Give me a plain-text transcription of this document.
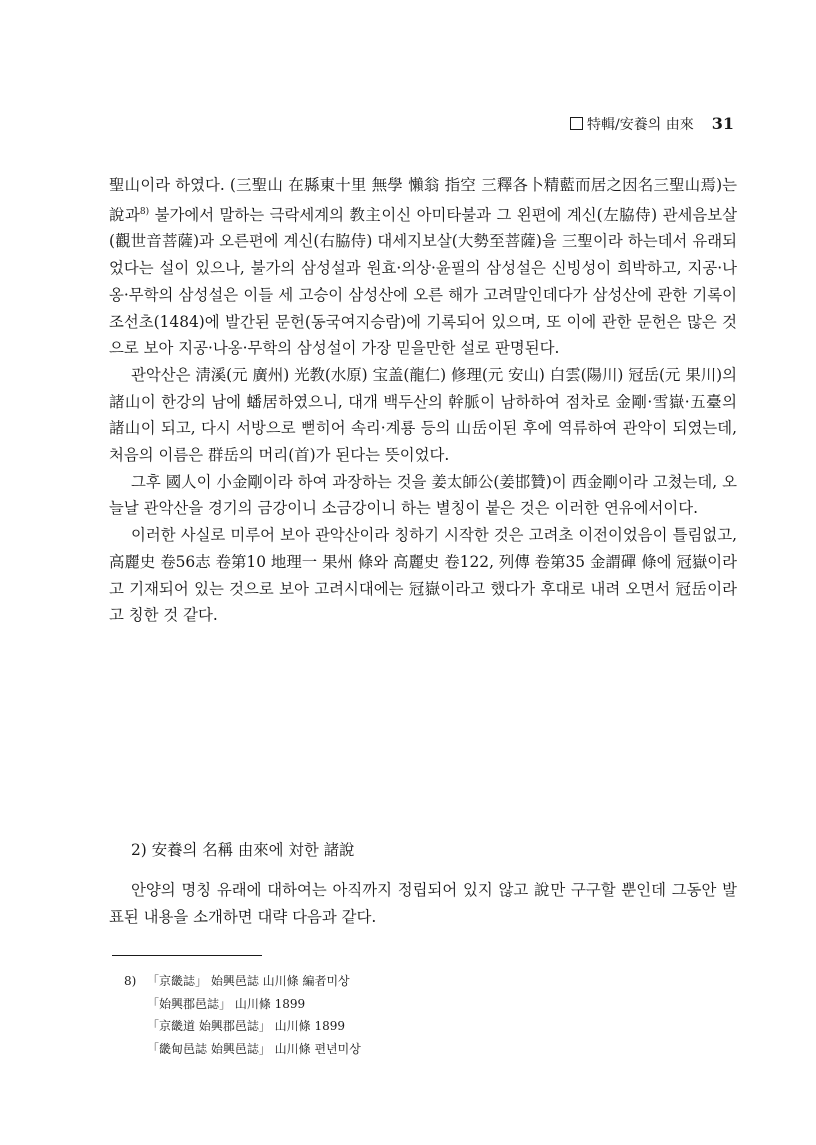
特輯/安養의 由來 31

聖山이라 하였다. (三聖山 在縣東十里 無學 懶翁 指空 三釋各卜精藍而居之因名三聖山焉)는 說과$^{8)}$ 불가에서 말하는 극락세계의 教主이신 아미타불과 그 왼편에 계신(左脇侍) 관세음보살(觀世音菩薩)과 오른편에 계신(右脇侍) 대세지보살(大勢至菩薩)을 三聖이라 하는데서 유래되었다는 설이 있으나, 불가의 삼성설과 원효·의상·윤필의 삼성설은 신빙성이 희박하고, 지공·나옹·무학의 삼성설은 이들 세 고승이 삼성산에 오른 해가 고려말인데다가 삼성산에 관한 기록이 조선초(1484)에 발간된 문헌(동국여지승람)에 기록되어 있으며, 또 이에 관한 문헌은 많은 것으로 보아 지공·나옹·무학의 삼성설이 가장 믿을만한 설로 판명된다.

관악산은 淸溪(元 廣州) 光教(水原) 宝盖(龍仁) 修理(元 安山) 白雲(陽川) 冠岳(元 果川)의 諸山이 한강의 남에 蟠居하였으니, 대개 백두산의 幹脈이 남하하여 점차로 金剛·雪嶽·五臺의 諸山이 되고, 다시 서방으로 뻗히어 속리·계룡 등의 山岳이된 후에 역류하여 관악이 되였는데, 처음의 이름은 群岳의 머리(首)가 된다는 뜻이었다.

그후 國人이 小金剛이라 하여 과장하는 것을 姜太師公(姜邯贊)이 西金剛이라 고쳤는데, 오늘날 관악산을 경기의 금강이니 소금강이니 하는 별칭이 붙은 것은 이러한 연유에서이다.

이러한 사실로 미루어 보아 관악산이라 칭하기 시작한 것은 고려초 이전이었음이 틀림없고, 高麗史 卷56志 卷第10 地理一 果州 條와 高麗史 卷122, 列傳 卷第35 金謂磾 條에 冠嶽이라고 기재되어 있는 것으로 보아 고려시대에는 冠嶽이라고 했다가 후대로 내려 오면서 冠岳이라고 칭한 것 같다.

2) 安養의 名稱 由來에 対한 諸說

안양의 명칭 유래에 대하여는 아직까지 정립되어 있지 않고 說만 구구할 뿐인데 그동안 발표된 내용을 소개하면 대략 다음과 같다.

8) 「京畿誌」 始興邑誌 山川條 編者미상
「始興郡邑誌」 山川條 1899
「京畿道 始興郡邑誌」 山川條 1899
「畿甸邑誌 始興邑誌」 山川條 편년미상
